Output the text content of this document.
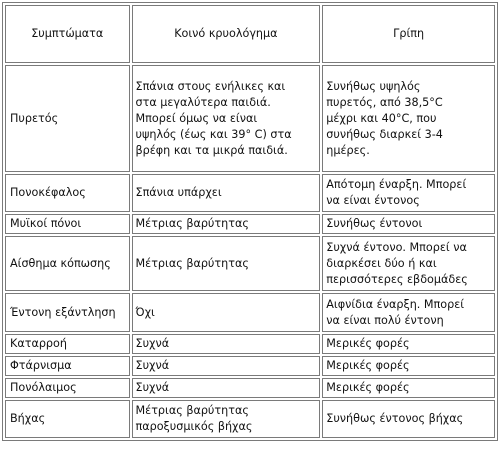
Συμπτώματα	Κοινό κρυολόγημα	Γρίπη
Πυρετός	Σπάνια στους ενήλικες και
στα μεγαλύτερα παιδιά.
Μπορεί όμως να είναι
υψηλός (έως και 39° C) στα
βρέφη και τα μικρά παιδιά.	Συνήθως υψηλός
πυρετός, από 38,5°C
μέχρι και 40°C, που
συνήθως διαρκεί 3-4
ημέρες.
Πονοκέφαλος	Σπάνια υπάρχει	Απότομη έναρξη. Μπορεί
να είναι έντονος
Μυϊκοί πόνοι	Μέτριας βαρύτητας	Συνήθως έντονοι
Αίσθημα κόπωσης	Μέτριας βαρύτητας	Συχνά έντονο. Μπορεί να
διαρκέσει δύο ή και
περισσότερες εβδομάδες
Έντονη εξάντληση	Όχι	Αιφνίδια έναρξη. Μπορεί
να είναι πολύ έντονη
Καταρροή	Συχνά	Μερικές φορές
Φτάρνισμα	Συχνά	Μερικές φορές
Πονόλαιμος	Συχνά	Μερικές φορές
Βήχας	Μέτριας βαρύτητας
παροξυσμικός βήχας	Συνήθως έντονος βήχας
